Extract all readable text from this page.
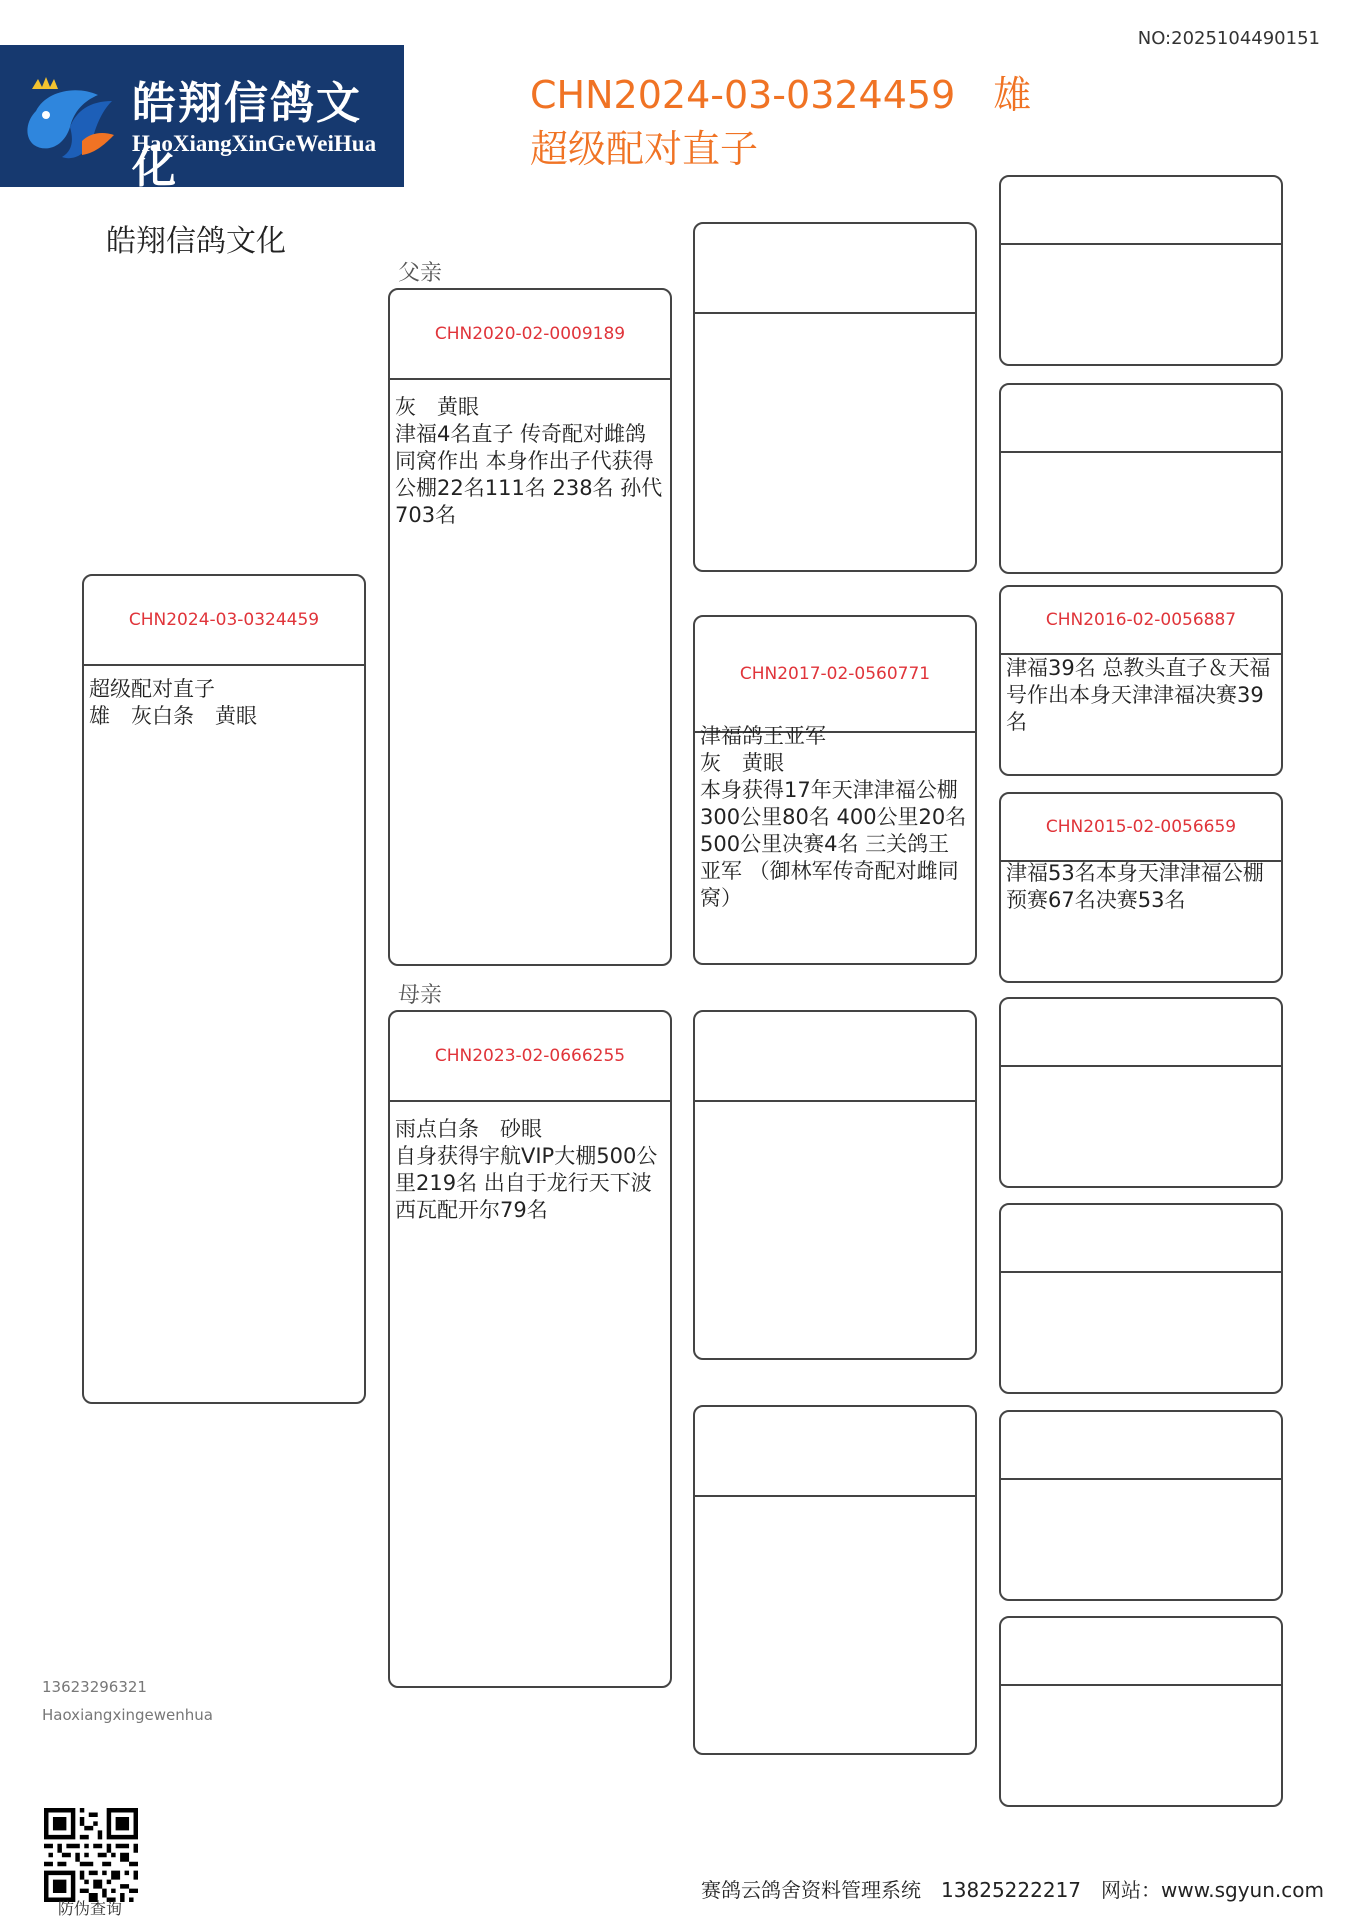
NO:2025104490151
皓翔信鸽文化
HaoXiangXinGeWeiHua
CHN2024-03-0324459　雄
超级配对直子
皓翔信鸽文化
父亲
母亲
CHN2024-03-0324459
超级配对直子
雄　灰白条　黄眼
CHN2020-02-0009189
灰　黄眼
津福4名直子 传奇配对雌鸽同窝作出 本身作出子代获得公棚22名111名 238名 孙代703名
CHN2023-02-0666255
雨点白条　砂眼
自身获得宇航VIP大棚500公里219名 出自于龙行天下波西瓦配开尔79名
CHN2017-02-0560771
津福鸽王亚军
灰　黄眼
本身获得17年天津津福公棚300公里80名 400公里20名 500公里决赛4名 三关鸽王亚军 （御林军传奇配对雌同窝）
CHN2016-02-0056887
津福39名 总教头直子＆天福号作出本身天津津福决赛39名
CHN2015-02-0056659
津福53名本身天津津福公棚预赛67名决赛53名
13623296321
Haoxiangxingewenhua
防伪查询
赛鸽云鸽舍资料管理系统　13825222217　网站：www.sgyun.com
